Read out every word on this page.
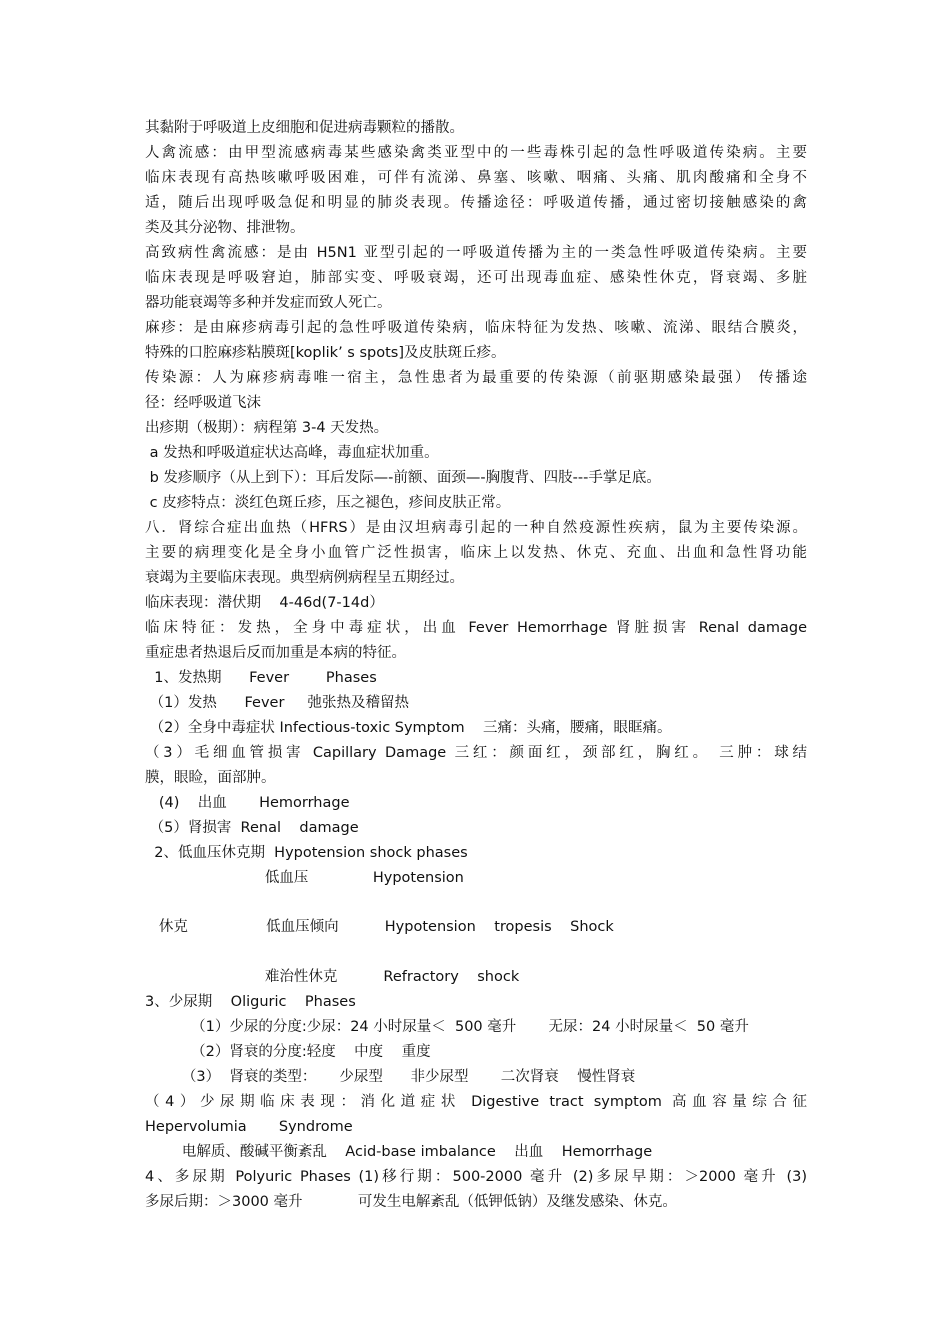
其黏附于呼吸道上皮细胞和促进病毒颗粒的播散。
人禽流感：由甲型流感病毒某些感染禽类亚型中的一些毒株引起的急性呼吸道传染病。主要
临床表现有高热咳嗽呼吸困难，可伴有流涕、鼻塞、咳嗽、咽痛、头痛、肌肉酸痛和全身不
适，随后出现呼吸急促和明显的肺炎表现。传播途径：呼吸道传播，通过密切接触感染的禽
类及其分泌物、排泄物。
高致病性禽流感：是由 H5N1 亚型引起的一呼吸道传播为主的一类急性呼吸道传染病。主要
临床表现是呼吸窘迫，肺部实变、呼吸衰竭，还可出现毒血症、感染性休克，肾衰竭、多脏
器功能衰竭等多种并发症而致人死亡。
麻疹：是由麻疹病毒引起的急性呼吸道传染病，临床特征为发热、咳嗽、流涕、眼结合膜炎，
特殊的口腔麻疹粘膜斑[koplik’ s spots]及皮肤斑丘疹。
传染源：人为麻疹病毒唯一宿主，急性患者为最重要的传染源（前驱期感染最强） 传播途
径：经呼吸道飞沫
出疹期（极期）：病程第 3-4 天发热。
a 发热和呼吸道症状达高峰，毒血症状加重。
b 发疹顺序（从上到下）：耳后发际—-前额、面颈—-胸腹背、四肢---手掌足底。
c 皮疹特点：淡红色斑丘疹，压之褪色，疹间皮肤正常。
八．肾综合症出血热（HFRS）是由汉坦病毒引起的一种自然疫源性疾病，鼠为主要传染源。
主要的病理变化是全身小血管广泛性损害，临床上以发热、休克、充血、出血和急性肾功能
衰竭为主要临床表现。典型病例病程呈五期经过。
临床表现：潜伏期    4-46d(7-14d）
临床特征：发热，全身中毒症状，出血 Fever Hemorrhage 肾脏损害 Renal damage
重症患者热退后反而加重是本病的特征。
1、发热期      Fever        Phases
（1）发热      Fever     弛张热及稽留热
（2）全身中毒症状 Infectious-toxic Symptom    三痛：头痛，腰痛，眼眶痛。
（3）毛细血管损害 Capillary Damage 三红：颜面红，颈部红，胸红。 三肿：球结
膜，眼睑，面部肿。
(4)    出血       Hemorrhage
（5）肾损害  Renal    damage
2、低血压休克期  Hypotension shock phases
低血压              Hypotension
休克                 低血压倾向          Hypotension    tropesis    Shock
难治性休克          Refractory    shock
3、少尿期    Oliguric    Phases
（1）少尿的分度:少尿：24 小时尿量＜  500 毫升       无尿：24 小时尿量＜  50 毫升
（2）肾衰的分度:轻度    中度    重度
（3）  肾衰的类型：     少尿型      非少尿型       二次肾衰    慢性肾衰
（4）少尿期临床表现：消化道症状 Digestive tract symptom 高血容量综合征
Hepervolumia       Syndrome
电解质、酸碱平衡紊乱    Acid-base imbalance    出血    Hemorrhage
4、多尿期 Polyuric Phases (1)移行期：500-2000 毫升 (2)多尿早期：＞2000 毫升 (3)
多尿后期：＞3000 毫升            可发生电解紊乱（低钾低钠）及继发感染、休克。
